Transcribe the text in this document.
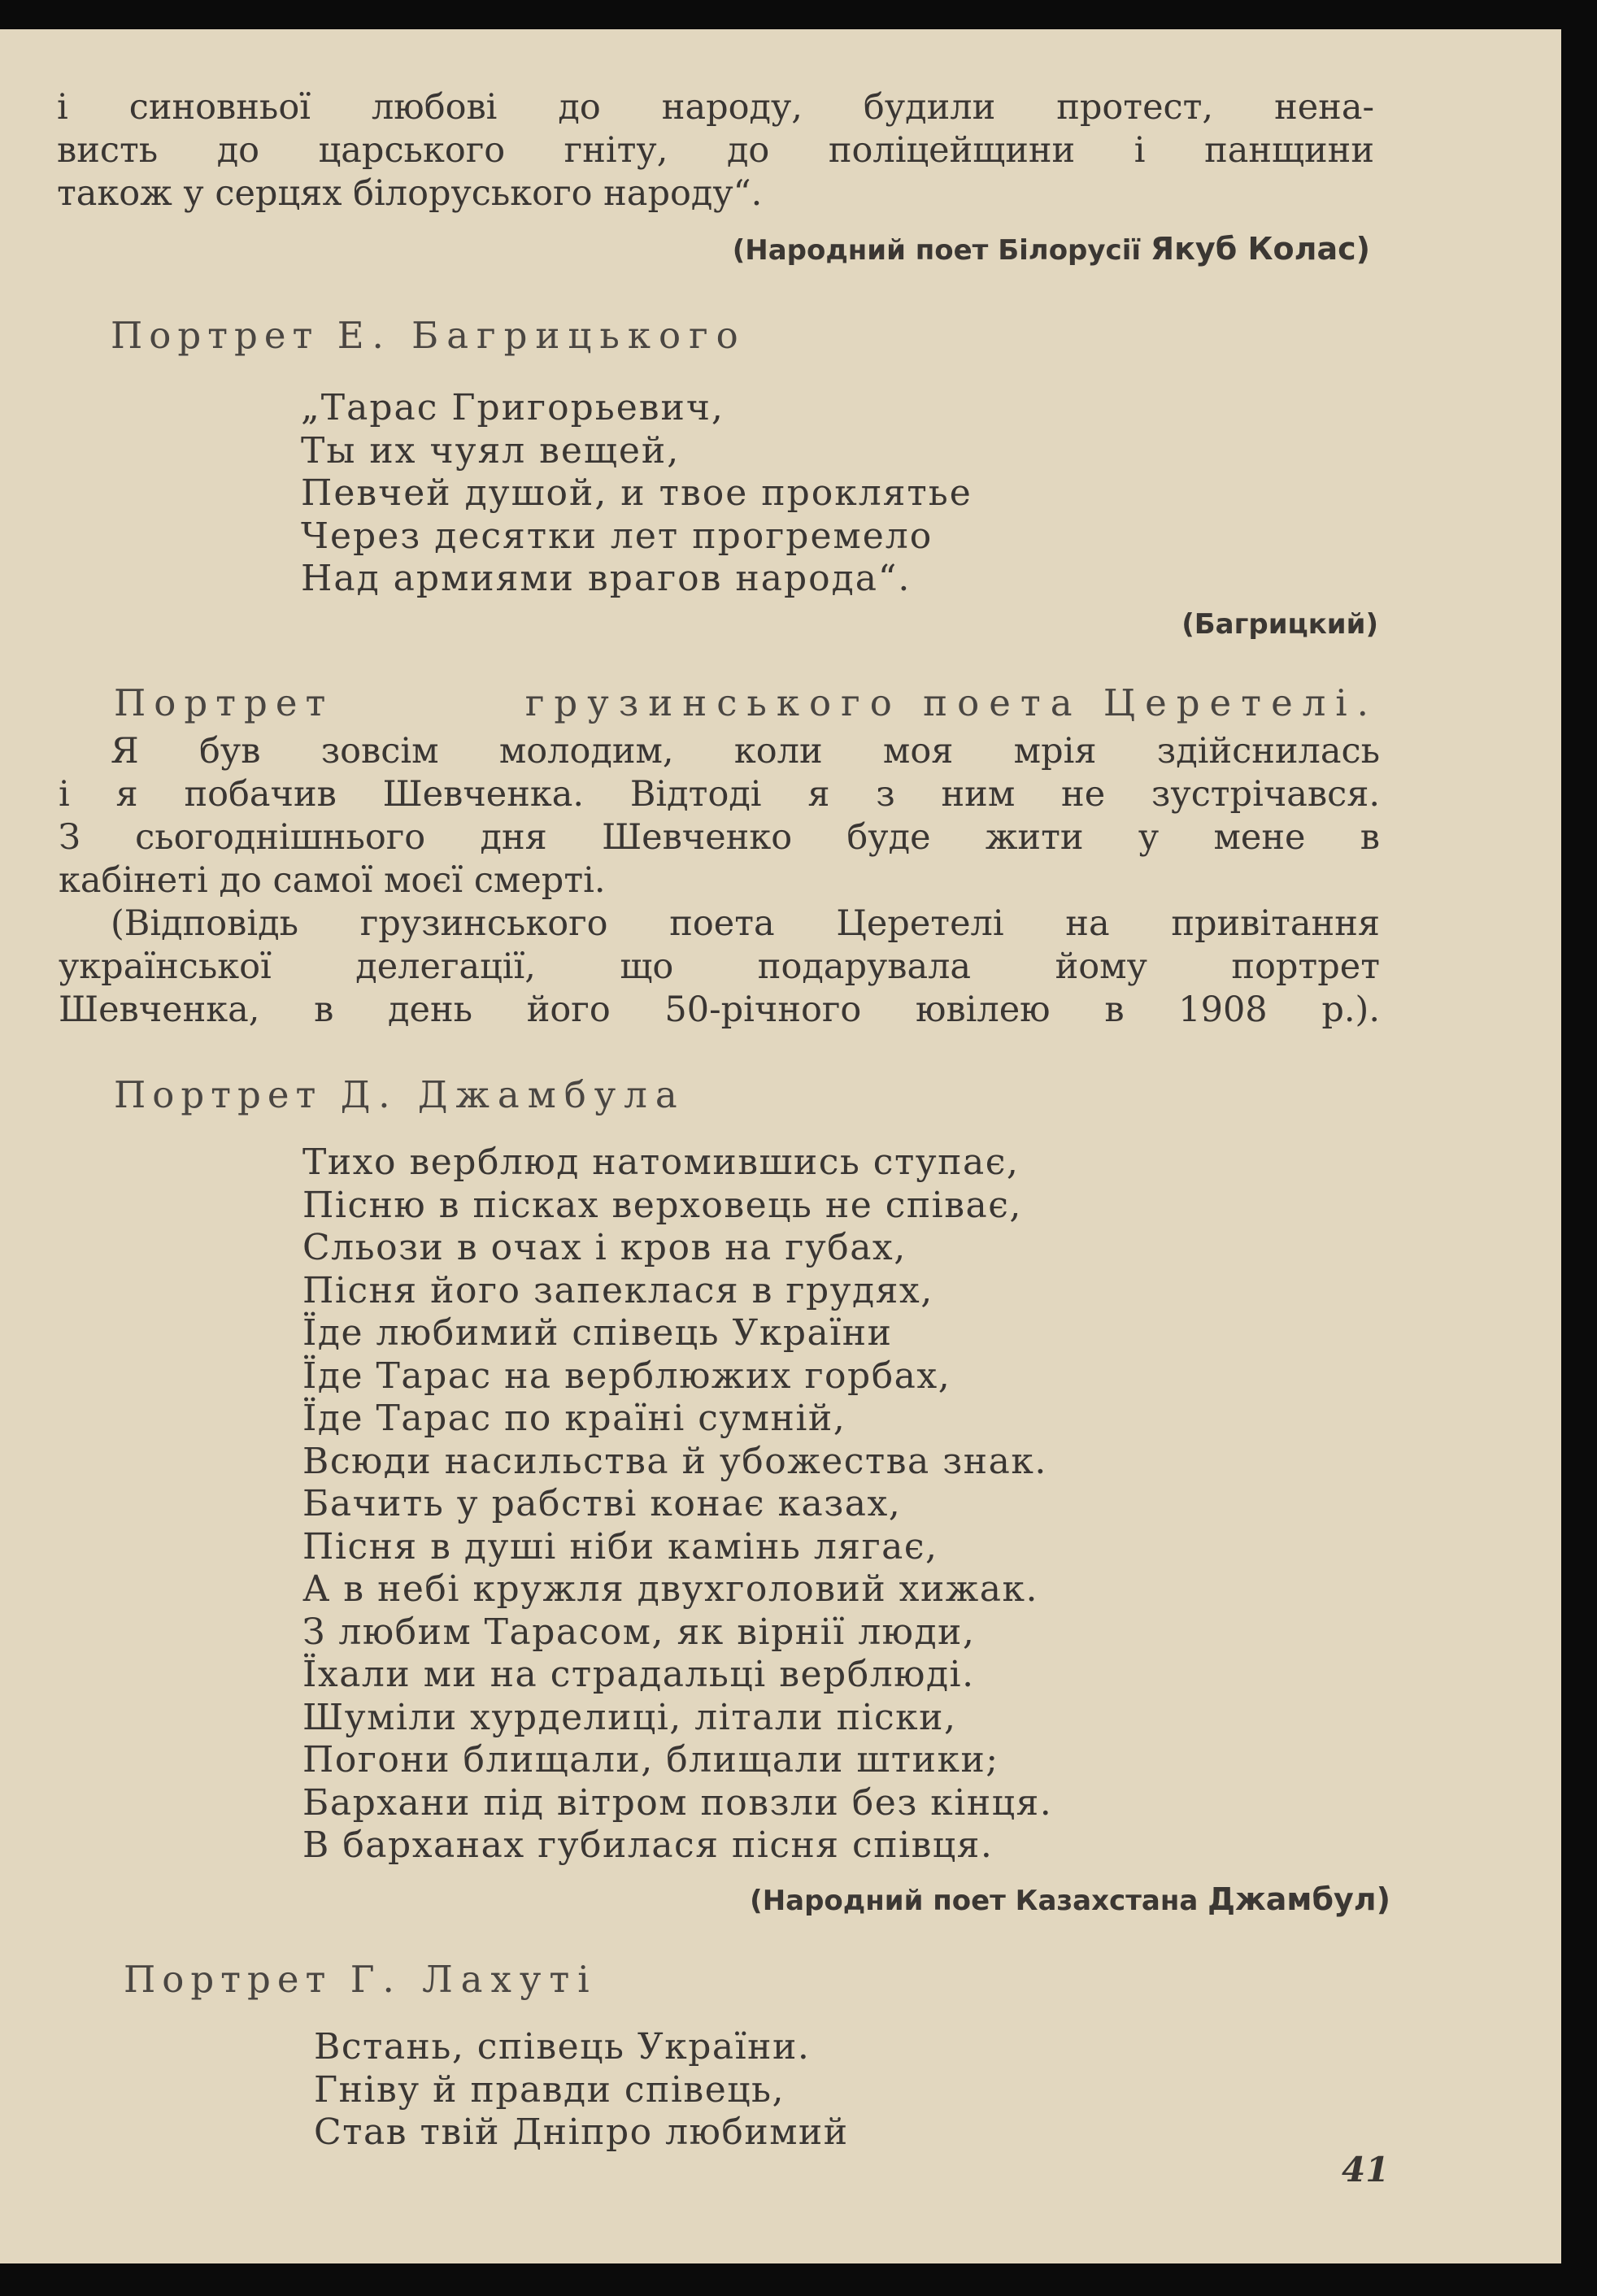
і синовньої любові до народу, будили протест, нена-
висть до царського гніту, до поліцейщини і панщини
також у серцях білоруського народу“.
(Народний поет Білорусії Якуб Колас)
Портрет Е. Багрицького
„Тарас Григорьевич,
Ты их чуял вещей,
Певчей душой, и твое проклятье
Через десятки лет прогремело
Над армиями врагов народа“.
(Багрицкий)
Портрет	грузинського поета Церетелі.
Я був зовсім молодим, коли моя мрія здійснилась
і я побачив Шевченка. Відтоді я з ним не зустрічався.
З сьогоднішнього дня Шевченко буде жити у мене в
кабінеті до самої моєї смерті.
(Відповідь грузинського поета Церетелі на привітання
української делегації, що подарувала йому портрет
Шевченка, в день його 50-річного ювілею в 1908 р.).
Портрет Д. Джамбула
Тихо верблюд натомившись ступає,
Пісню в пісках верховець не співає,
Сльози в очах і кров на губах,
Пісня його запеклася в грудях,
Їде любимий співець України
Їде Тарас на верблюжих горбах,
Їде Тарас по країні сумній,
Всюди насильства й убожества знак.
Бачить у рабстві конає казах,
Пісня в душі ніби камінь лягає,
А в небі кружля двухголовий хижак.
З любим Тарасом, як вірнії люди,
Їхали ми на страдальці верблюді.
Шуміли хурделиці, літали піски,
Погони блищали, блищали штики;
Бархани під вітром повзли без кінця.
В барханах губилася пісня співця.
(Народний поет Казахстана Джамбул)
Портрет Г. Лахуті
Встань, співець України.
Гніву й правди співець,
Став твій Дніпро любимий
41
